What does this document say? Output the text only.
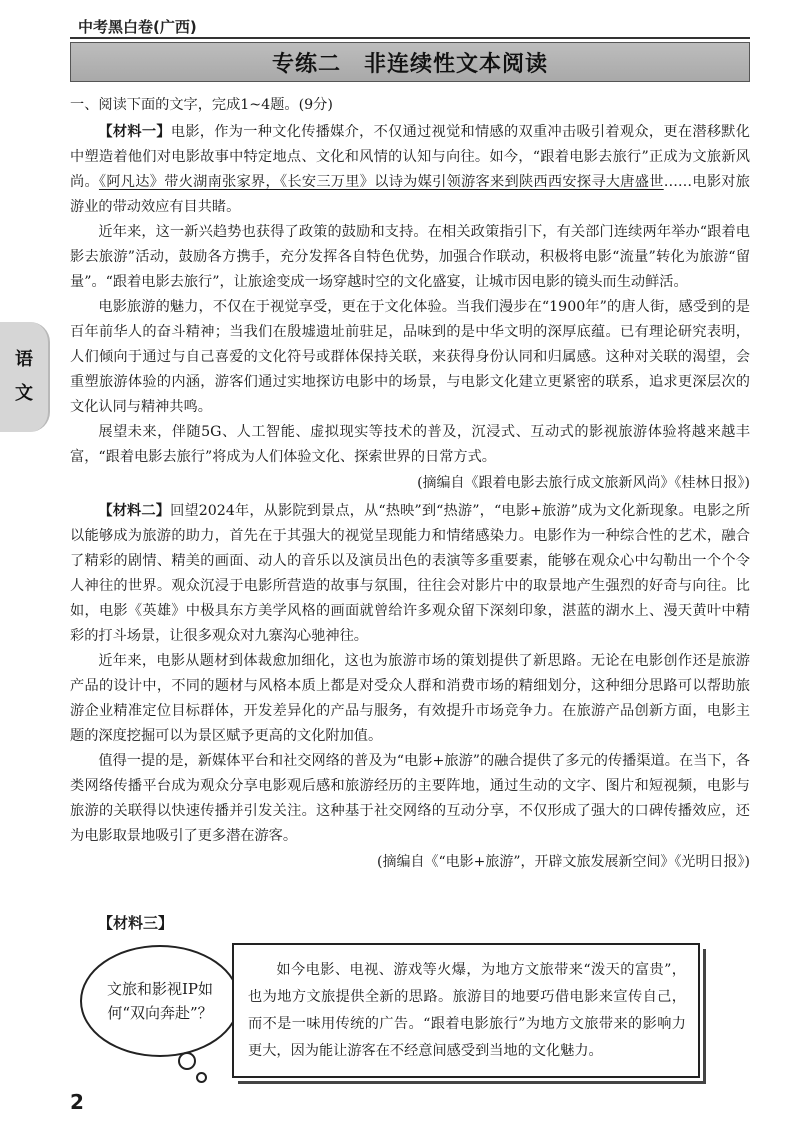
中考黑白卷(广西)
专练二　非连续性文本阅读
语
文

一、阅读下面的文字，完成1~4题。(9分)

【材料一】电影，作为一种文化传播媒介，不仅通过视觉和情感的双重冲击吸引着观众，更在潜移默化中塑造着他们对电影故事中特定地点、文化和风情的认知与向往。如今，“跟着电影去旅行”正成为文旅新风尚。《阿凡达》带火湖南张家界，《长安三万里》以诗为媒引领游客来到陕西西安探寻大唐盛世……电影对旅游业的带动效应有目共睹。

近年来，这一新兴趋势也获得了政策的鼓励和支持。在相关政策指引下，有关部门连续两年举办“跟着电影去旅游”活动，鼓励各方携手，充分发挥各自特色优势，加强合作联动，积极将电影“流量”转化为旅游“留量”。“跟着电影去旅行”，让旅途变成一场穿越时空的文化盛宴，让城市因电影的镜头而生动鲜活。

电影旅游的魅力，不仅在于视觉享受，更在于文化体验。当我们漫步在“1900年”的唐人街，感受到的是百年前华人的奋斗精神；当我们在殷墟遗址前驻足，品味到的是中华文明的深厚底蕴。已有理论研究表明，人们倾向于通过与自己喜爱的文化符号或群体保持关联，来获得身份认同和归属感。这种对关联的渴望，会重塑旅游体验的内涵，游客们通过实地探访电影中的场景，与电影文化建立更紧密的联系，追求更深层次的文化认同与精神共鸣。

展望未来，伴随5G、人工智能、虚拟现实等技术的普及，沉浸式、互动式的影视旅游体验将越来越丰富，“跟着电影去旅行”将成为人们体验文化、探索世界的日常方式。

(摘编自《跟着电影去旅行成文旅新风尚》《桂林日报》)

【材料二】回望2024年，从影院到景点，从“热映”到“热游”，“电影+旅游”成为文化新现象。电影之所以能够成为旅游的助力，首先在于其强大的视觉呈现能力和情绪感染力。电影作为一种综合性的艺术，融合了精彩的剧情、精美的画面、动人的音乐以及演员出色的表演等多重要素，能够在观众心中勾勒出一个个令人神往的世界。观众沉浸于电影所营造的故事与氛围，往往会对影片中的取景地产生强烈的好奇与向往。比如，电影《英雄》中极具东方美学风格的画面就曾给许多观众留下深刻印象，湛蓝的湖水上、漫天黄叶中精彩的打斗场景，让很多观众对九寨沟心驰神往。

近年来，电影从题材到体裁愈加细化，这也为旅游市场的策划提供了新思路。无论在电影创作还是旅游产品的设计中，不同的题材与风格本质上都是对受众人群和消费市场的精细划分，这种细分思路可以帮助旅游企业精准定位目标群体，开发差异化的产品与服务，有效提升市场竞争力。在旅游产品创新方面，电影主题的深度挖掘可以为景区赋予更高的文化附加值。

值得一提的是，新媒体平台和社交网络的普及为“电影+旅游”的融合提供了多元的传播渠道。在当下，各类网络传播平台成为观众分享电影观后感和旅游经历的主要阵地，通过生动的文字、图片和短视频，电影与旅游的关联得以快速传播并引发关注。这种基于社交网络的互动分享，不仅形成了强大的口碑传播效应，还为电影取景地吸引了更多潜在游客。

(摘编自《“电影+旅游”，开辟文旅发展新空间》《光明日报》)

【材料三】
文旅和影视IP如何“双向奔赴”？

如今电影、电视、游戏等火爆，为地方文旅带来“泼天的富贵”，也为地方文旅提供全新的思路。旅游目的地要巧借电影来宣传自己，而不是一味用传统的广告。“跟着电影旅行”为地方文旅带来的影响力更大，因为能让游客在不经意间感受到当地的文化魅力。

2
